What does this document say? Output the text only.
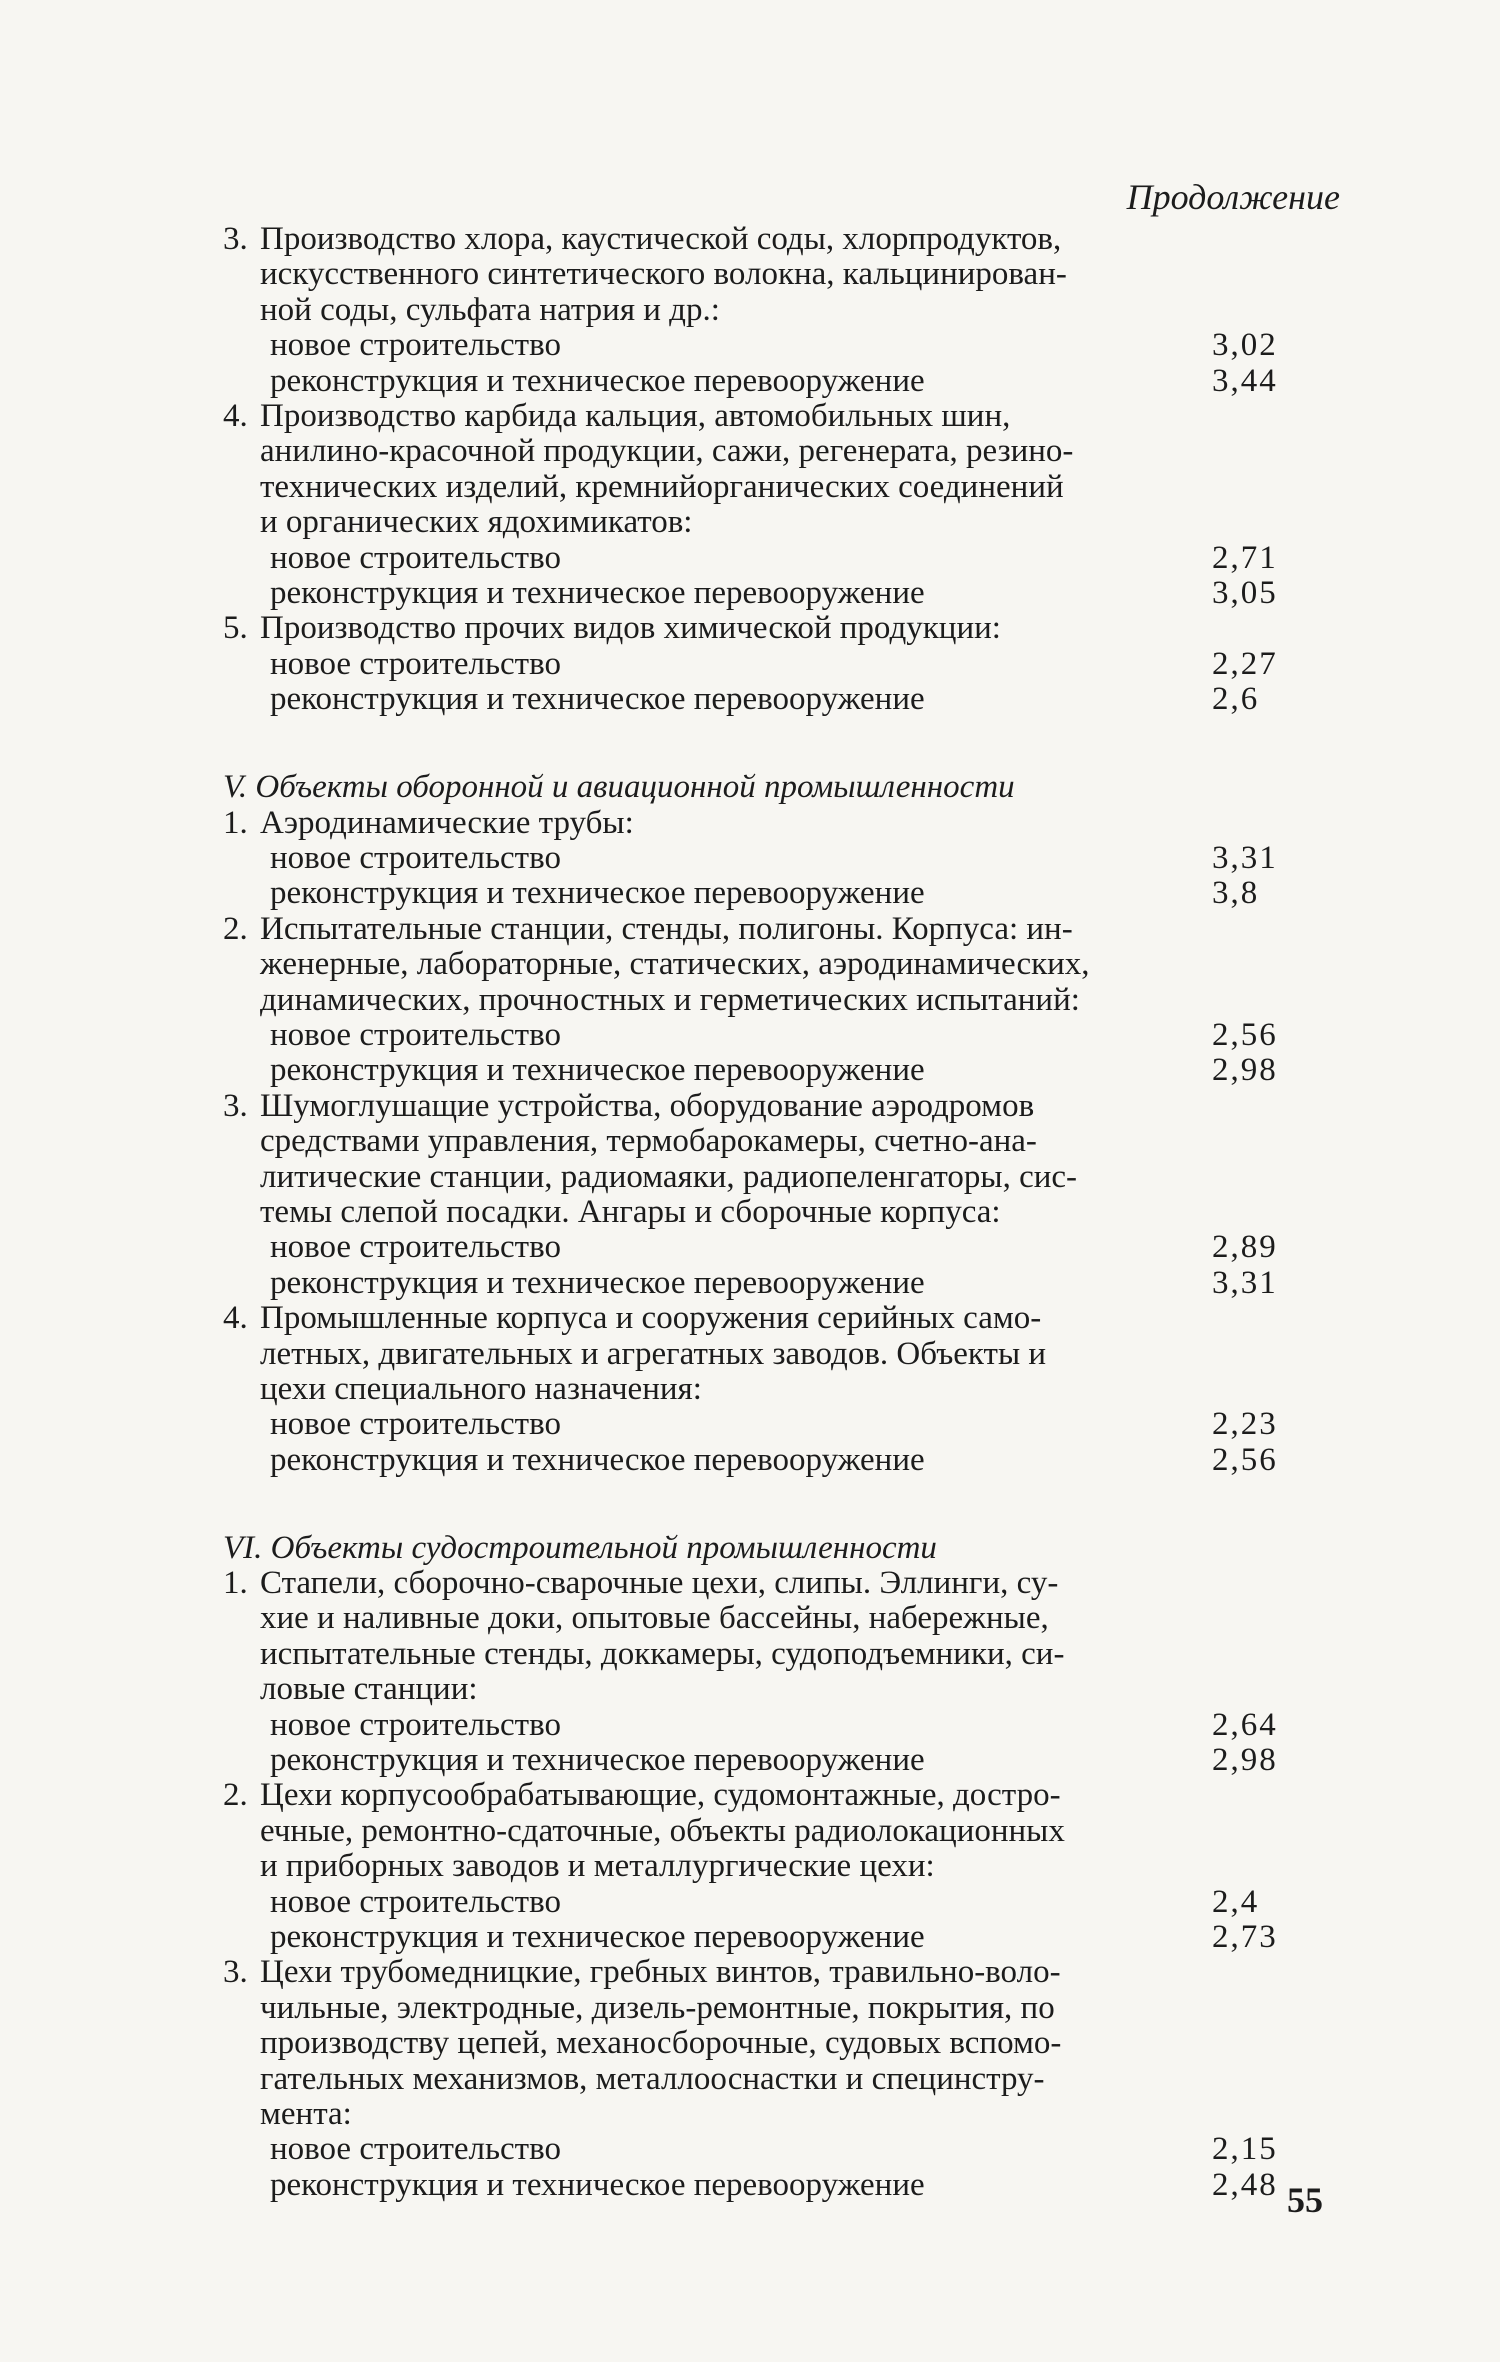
Продолжение
3. Производство хлора, каустической соды, хлорпродуктов,
искусственного синтетического волокна, кальцинирован-
ной соды, сульфата натрия и др.:
новое строительство	3,02
реконструкция и техническое перевооружение	3,44
4. Производство карбида кальция, автомобильных шин,
анилино-красочной продукции, сажи, регенерата, резино-
технических изделий, кремнийорганических соединений
и органических ядохимикатов:
новое строительство	2,71
реконструкция и техническое перевооружение	3,05
5. Производство прочих видов химической продукции:
новое строительство	2,27
реконструкция и техническое перевооружение	2,6
V. Объекты оборонной и авиационной промышленности
1. Аэродинамические трубы:
новое строительство	3,31
реконструкция и техническое перевооружение	3,8
2. Испытательные станции, стенды, полигоны. Корпуса: ин-
женерные, лабораторные, статических, аэродинамических,
динамических, прочностных и герметических испытаний:
новое строительство	2,56
реконструкция и техническое перевооружение	2,98
3. Шумоглушащие устройства, оборудование аэродромов
средствами управления, термобарокамеры, счетно-ана-
литические станции, радиомаяки, радиопеленгаторы, сис-
темы слепой посадки. Ангары и сборочные корпуса:
новое строительство	2,89
реконструкция и техническое перевооружение	3,31
4. Промышленные корпуса и сооружения серийных само-
летных, двигательных и агрегатных заводов. Объекты и
цехи специального назначения:
новое строительство	2,23
реконструкция и техническое перевооружение	2,56
VI. Объекты судостроительной промышленности
1. Стапели, сборочно-сварочные цехи, слипы. Эллинги, су-
хие и наливные доки, опытовые бассейны, набережные,
испытательные стенды, доккамеры, судоподъемники, си-
ловые станции:
новое строительство	2,64
реконструкция и техническое перевооружение	2,98
2. Цехи корпусообрабатывающие, судомонтажные, достро-
ечные, ремонтно-сдаточные, объекты радиолокационных
и приборных заводов и металлургические цехи:
новое строительство	2,4
реконструкция и техническое перевооружение	2,73
3. Цехи трубомедницкие, гребных винтов, травильно-воло-
чильные, электродные, дизель-ремонтные, покрытия, по
производству цепей, механосборочные, судовых вспомо-
гательных механизмов, металлооснастки и специнстру-
мента:
новое строительство	2,15
реконструкция и техническое перевооружение	2,48 55
